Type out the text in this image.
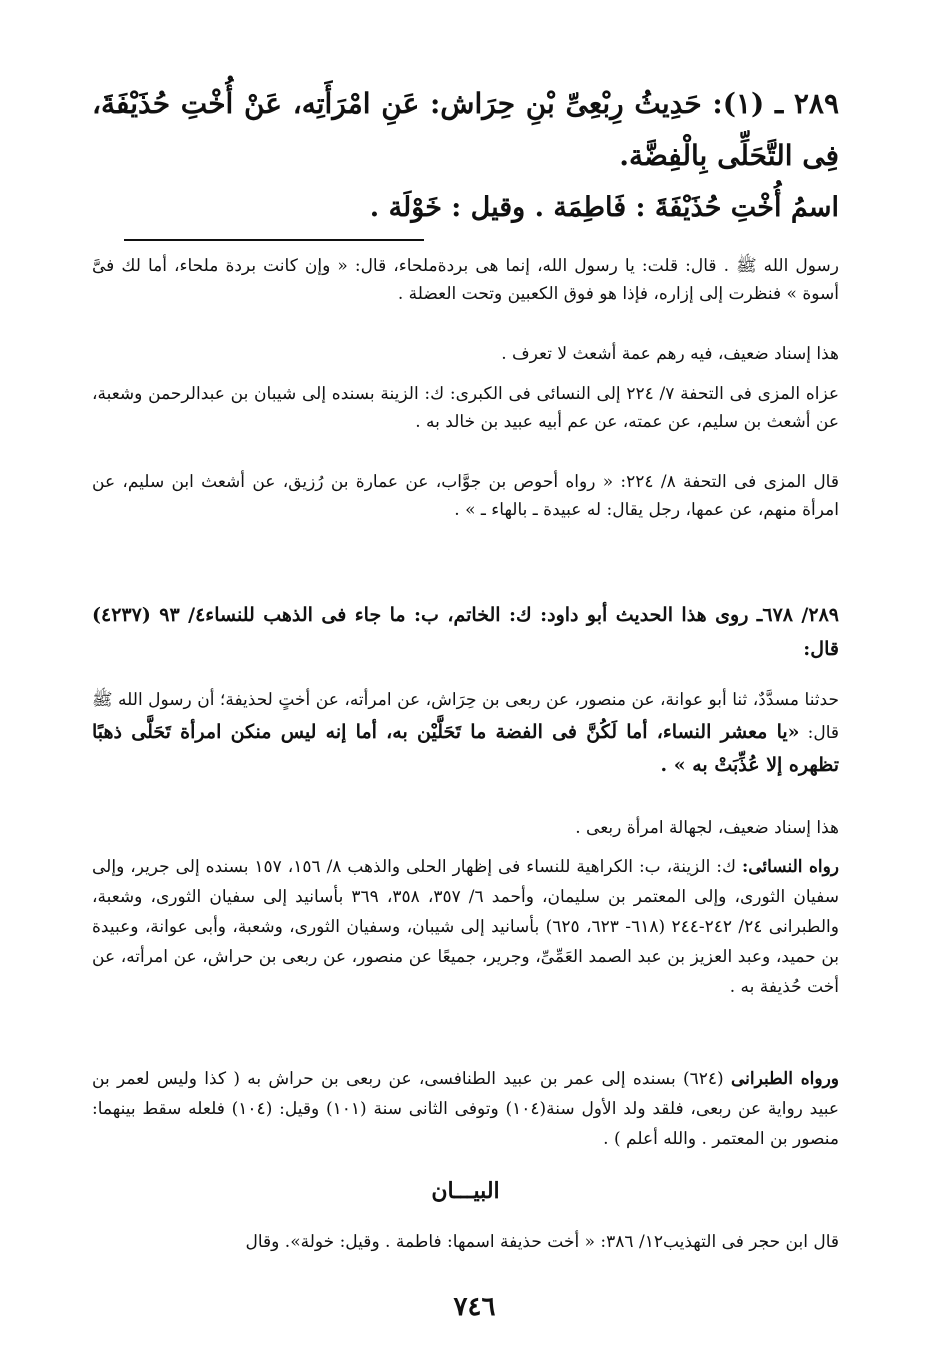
٢٨٩ ـ (١): حَدِيثُ رِبْعِىِّ بْنِ حِرَاش: عَنِ امْرَأَتِه، عَنْ أُخْتِ حُذَيْفَةَ، فِى التَّحَلِّى بِالْفِضَّة.
اسمُ أُخْتِ حُذَيْفَةَ : فَاطِمَة . وقيل : خَوْلَة .
رسول الله ﷺ . قال: قلت: يا رسول الله، إنما هى بردةملحاء، قال: « وإن كانت بردة ملحاء، أما لك فىَّ أسوة » فنظرت إلى إزاره، فإذا هو فوق الكعبين وتحت العضلة .
هذا إسناد ضعيف، فيه رهم عمة أشعث لا تعرف .
عزاه المزى فى التحفة ٧/ ٢٢٤ إلى النسائى فى الكبرى: ك: الزينة بسنده إلى شيبان بن عبدالرحمن وشعبة، عن أشعث بن سليم، عن عمته، عن عم أبيه عبيد بن خالد به .
قال المزى فى التحفة ٨/ ٢٢٤: « رواه أحوص بن جوَّاب، عن عمارة بن رُزيق، عن أشعث ابن سليم، عن امرأة منهم، عن عمها، رجل يقال: له عبيدة ـ بالهاء ـ » .
٢٨٩/ ٦٧٨ـ روى هذا الحديث أبو داود: ك: الخاتم، ب: ما جاء فى الذهب للنساء٤/ ٩٣ (٤٢٣٧) قال:
حدثنا مسدَّدٌ، ثنا أبو عوانة، عن منصور، عن ربعى بن حِرَاش، عن امرأته، عن أختٍ لحذيفة؛ أن رسول الله ﷺ قال: «يا معشر النساء، أما لَكُنَّ فى الفضة ما تَحَلَّيْن به، أما إنه ليس منكن امرأة تَحَلَّى ذهبًا تظهره إلا عُذِّبَتْ به » .
هذا إسناد ضعيف، لجهالة امرأة ربعى .
رواه النسائى: ك: الزينة، ب: الكراهية للنساء فى إظهار الحلى والذهب ٨/ ١٥٦، ١٥٧ بسنده إلى جرير، وإلى سفيان الثورى، وإلى المعتمر بن سليمان، وأحمد ٦/ ٣٥٧، ٣٥٨، ٣٦٩ بأسانيد إلى سفيان الثورى، وشعبة، والطبرانى ٢٤/ ٢٤٢-٢٤٤ (٦١٨- ٦٢٣، ٦٢٥) بأسانيد إلى شيبان، وسفيان الثورى، وشعبة، وأبى عوانة، وعبيدة بن حميد، وعبد العزيز بن عبد الصمد العَمِّىِّ، وجرير، جميعًا عن منصور، عن ربعى بن حراش، عن امرأته، عن أخت حُذيفة به .
ورواه الطبرانى (٦٢٤) بسنده إلى عمر بن عبيد الطنافسى، عن ربعى بن حراش به ( كذا وليس لعمر بن عبيد رواية عن ربعى، فلقد ولد الأول سنة(١٠٤) وتوفى الثانى سنة (١٠١) وقيل: (١٠٤) فلعله سقط بينهما: منصور بن المعتمر . والله أعلم ) .
البيـــان
قال ابن حجر فى التهذيب١٢/ ٣٨٦: « أخت حذيفة اسمها: فاطمة . وقيل: خولة». وقال
٧٤٦
